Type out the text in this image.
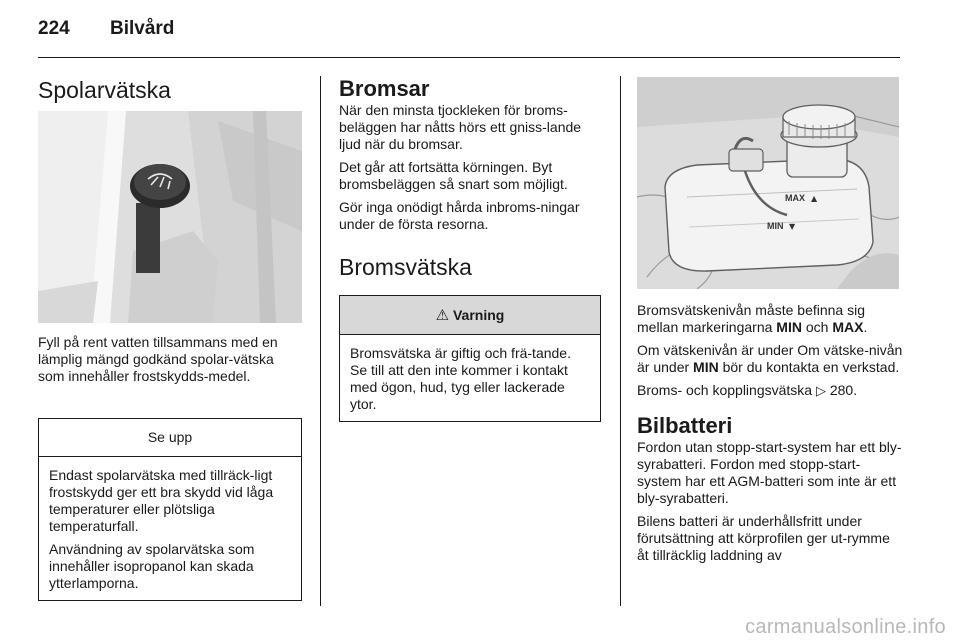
224 Bilvård
Spolarvätska

Fyll på rent vatten tillsammans med en lämplig mängd godkänd spolar-vätska som innehåller frostskydds-medel.

Se upp

Endast spolarvätska med tillräck-ligt frostskydd ger ett bra skydd vid låga temperaturer eller plötsliga temperaturfall.

Användning av spolarvätska som innehåller isopropanol kan skada ytterlamporna.

Bromsar

När den minsta tjockleken för broms-beläggen har nåtts hörs ett gniss-lande ljud när du bromsar.

Det går att fortsätta körningen. Byt bromsbeläggen så snart som möjligt.

Gör inga onödigt hårda inbroms-ningar under de första resorna.

Bromsvätska
⚠ Varning

Bromsvätska är giftig och frä-tande. Se till att den inte kommer i kontakt med ögon, hud, tyg eller lackerade ytor.

MAX ▲
MIN ▼

Bromsvätskenivån måste befinna sig mellan markeringarna MIN och MAX.

Om vätskenivån är under Om vätske-nivån är under MIN bör du kontakta en verkstad.

Broms- och kopplingsvätska ▷ 280.

Bilbatteri

Fordon utan stopp-start-system har ett bly-syrabatteri. Fordon med stopp-start-system har ett AGM-batteri som inte är ett bly-syrabatteri.

Bilens batteri är underhållsfritt under förutsättning att körprofilen ger ut-rymme åt tillräcklig laddning av

carmanualsonline.info
